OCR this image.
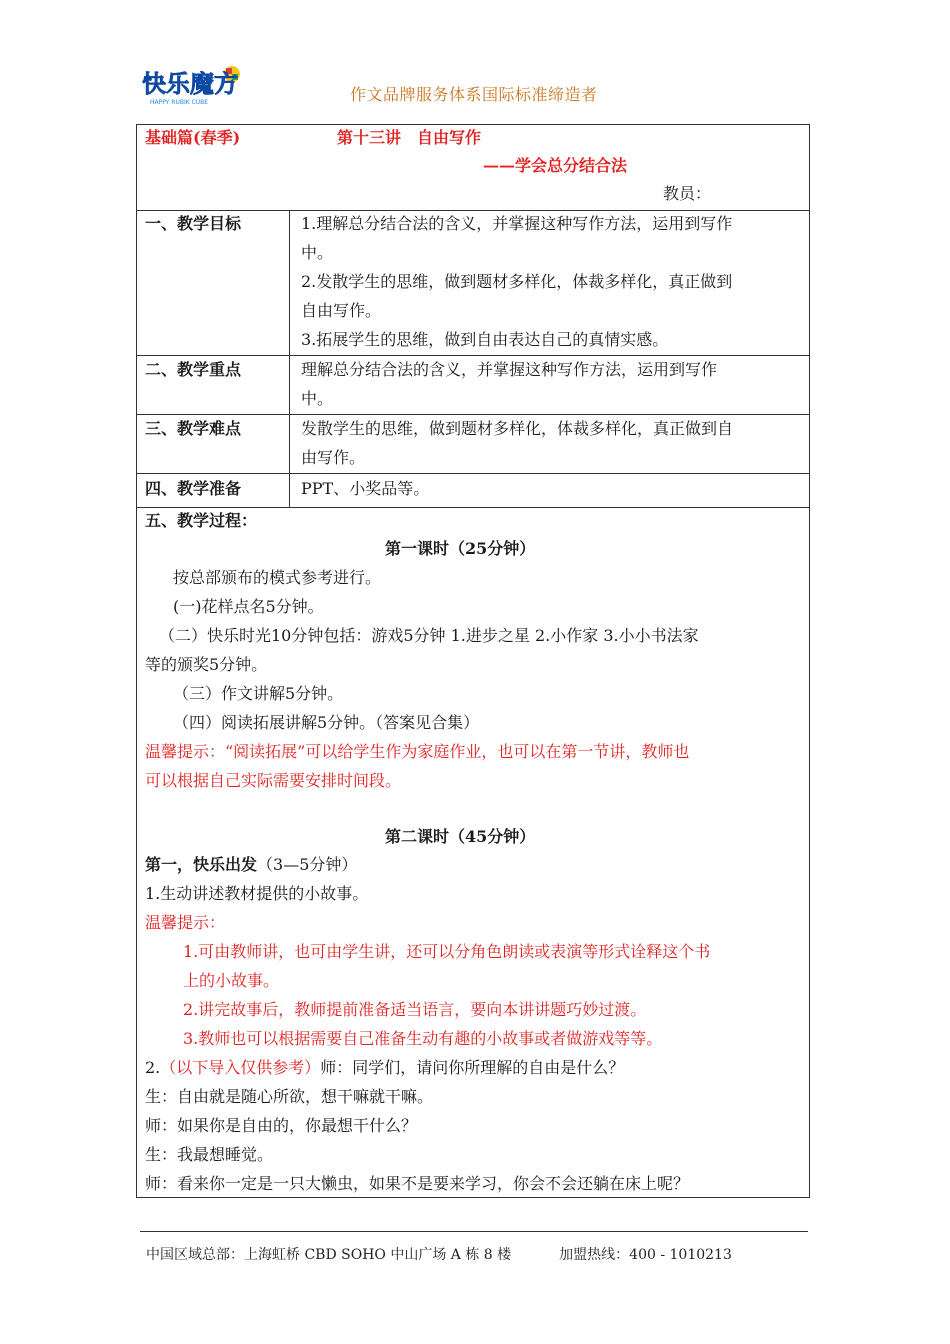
快乐魔方
HAPPY RUBIK CUBE	作文品牌服务体系国际标准缔造者
基础篇(春季)	第十三讲　自由写作
——学会总分结合法
教员：
一、教学目标	1.理解总分结合法的含义，并掌握这种写作方法，运用到写作
中。
2.发散学生的思维，做到题材多样化，体裁多样化，真正做到
自由写作。
3.拓展学生的思维，做到自由表达自己的真情实感。
二、教学重点	理解总分结合法的含义，并掌握这种写作方法，运用到写作
中。
三、教学难点	发散学生的思维，做到题材多样化，体裁多样化，真正做到自
由写作。
四、教学准备	PPT、小奖品等。
五、教学过程：
第一课时（25分钟）
按总部颁布的模式参考进行。
(一)花样点名5分钟。
（二）快乐时光10分钟包括：游戏5分钟 1.进步之星 2.小作家 3.小小书法家
等的颁奖5分钟。
（三）作文讲解5分钟。
（四）阅读拓展讲解5分钟。（答案见合集）
温馨提示：“阅读拓展”可以给学生作为家庭作业，也可以在第一节讲，教师也
可以根据自己实际需要安排时间段。
第二课时（45分钟）
第一，快乐出发（3—5分钟）
1.生动讲述教材提供的小故事。
温馨提示：
1.可由教师讲，也可由学生讲，还可以分角色朗读或表演等形式诠释这个书
上的小故事。
2.讲完故事后，教师提前准备适当语言，要向本讲讲题巧妙过渡。
3.教师也可以根据需要自己准备生动有趣的小故事或者做游戏等等。
2.（以下导入仅供参考）师：同学们，请问你所理解的自由是什么？
生：自由就是随心所欲，想干嘛就干嘛。
师：如果你是自由的，你最想干什么？
生：我最想睡觉。
师：看来你一定是一只大懒虫，如果不是要来学习，你会不会还躺在床上呢？
中国区域总部：上海虹桥 CBD SOHO 中山广场 A 栋 8 楼	加盟热线：400 - 1010213
